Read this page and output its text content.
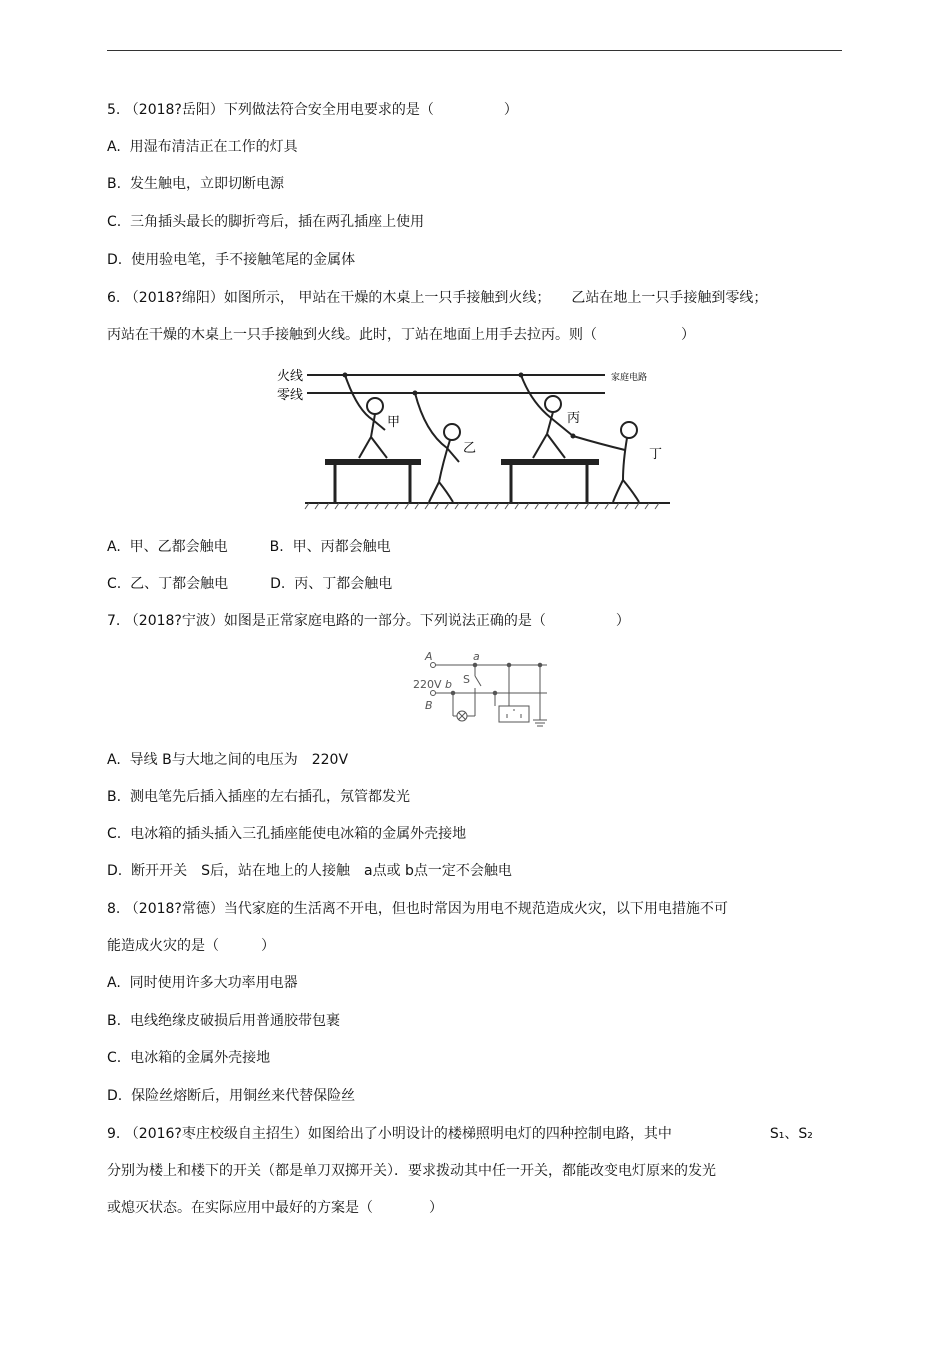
5. （2018?岳阳）下列做法符合安全用电要求的是（　　　　　）
A.  用湿布清洁正在工作的灯具
B.  发生触电，立即切断电源
C.  三角插头最长的脚折弯后，插在两孔插座上使用
D.  使用验电笔，手不接触笔尾的金属体
6. （2018?绵阳）如图所示， 甲站在干燥的木桌上一只手接触到火线；　　乙站在地上一只手接触到零线；
丙站在干燥的木桌上一只手接触到火线。此时，丁站在地面上用手去拉丙。则（　　　　　　）
火线
零线
家庭电路
甲
乙
丙
丁
A.  甲、乙都会触电　　　B.  甲、丙都会触电
C.  乙、丁都会触电　　　D.  丙、丁都会触电
7. （2018?宁波）如图是正常家庭电路的一部分。下列说法正确的是（　　　　　）
A
B
a
b S
220V
A.  导线 B与大地之间的电压为　220V
B.  测电笔先后插入插座的左右插孔，氖管都发光
C.  电冰箱的插头插入三孔插座能使电冰箱的金属外壳接地
D.  断开开关　S后，站在地上的人接触　a点或 b点一定不会触电
8. （2018?常德）当代家庭的生活离不开电，但也时常因为用电不规范造成火灾，以下用电措施不可
能造成火灾的是（　　　）
A.  同时使用许多大功率用电器
B.  电线绝缘皮破损后用普通胶带包裹
C.  电冰箱的金属外壳接地
D.  保险丝熔断后，用铜丝来代替保险丝
9. （2016?枣庄校级自主招生）如图给出了小明设计的楼梯照明电灯的四种控制电路，其中　　　　　　　S₁、S₂
分别为楼上和楼下的开关（都是单刀双掷开关）．要求拨动其中任一开关，都能改变电灯原来的发光
或熄灭状态。在实际应用中最好的方案是（　　　　）
